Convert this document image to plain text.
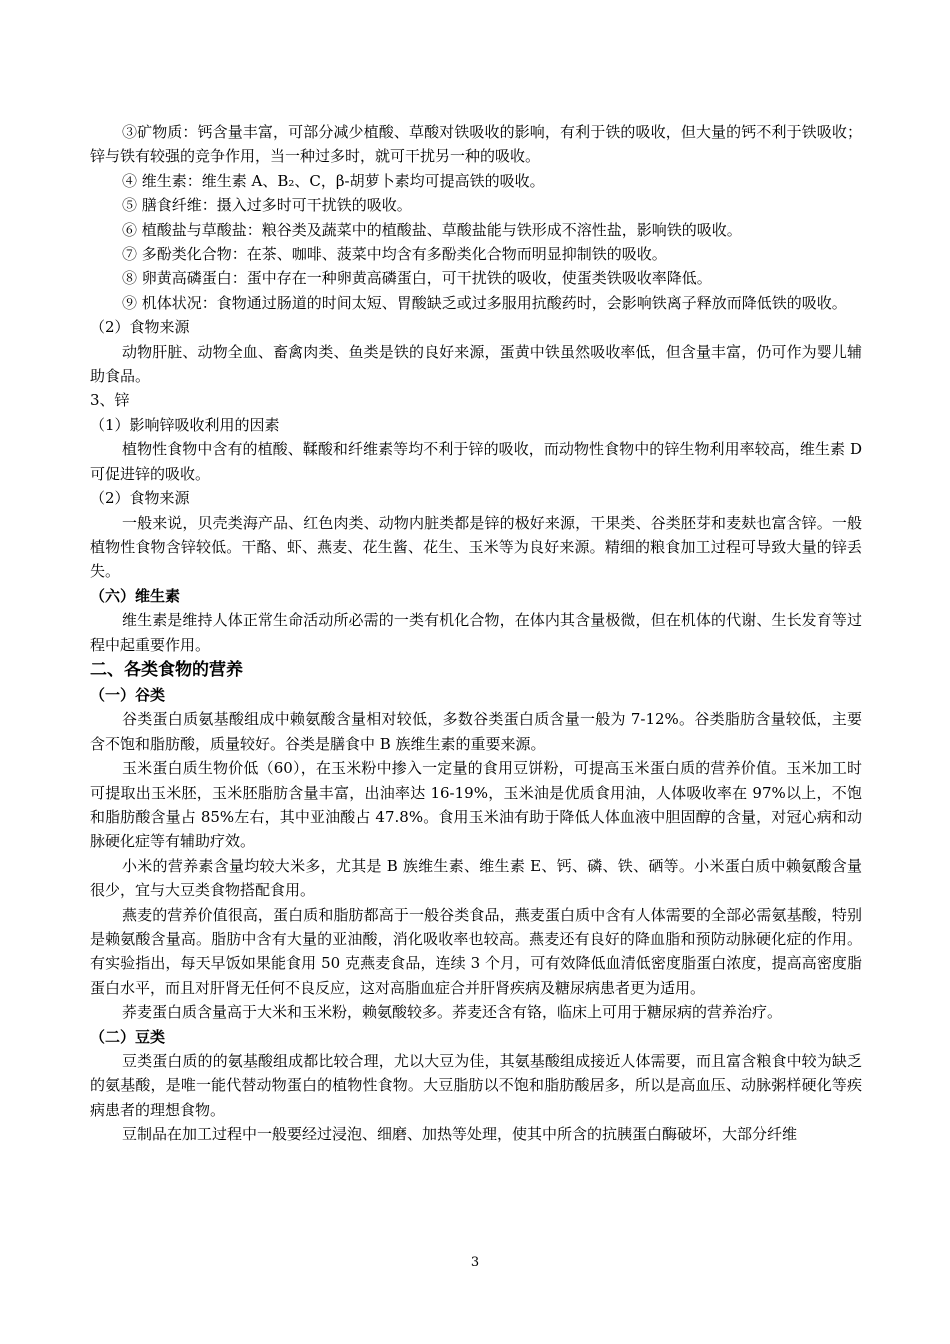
③矿物质：钙含量丰富，可部分减少植酸、草酸对铁吸收的影响，有利于铁的吸收，但大量的钙不利于铁吸收；锌与铁有较强的竞争作用，当一种过多时，就可干扰另一种的吸收。

④ 维生素：维生素 A、B₂、C，β-胡萝卜素均可提高铁的吸收。

⑤ 膳食纤维：摄入过多时可干扰铁的吸收。

⑥ 植酸盐与草酸盐：粮谷类及蔬菜中的植酸盐、草酸盐能与铁形成不溶性盐，影响铁的吸收。

⑦ 多酚类化合物：在茶、咖啡、菠菜中均含有多酚类化合物而明显抑制铁的吸收。

⑧ 卵黄高磷蛋白：蛋中存在一种卵黄高磷蛋白，可干扰铁的吸收，使蛋类铁吸收率降低。

⑨ 机体状况：食物通过肠道的时间太短、胃酸缺乏或过多服用抗酸药时，会影响铁离子释放而降低铁的吸收。

（2）食物来源

动物肝脏、动物全血、畜禽肉类、鱼类是铁的良好来源，蛋黄中铁虽然吸收率低，但含量丰富，仍可作为婴儿辅助食品。

3、锌

（1）影响锌吸收利用的因素

植物性食物中含有的植酸、鞣酸和纤维素等均不利于锌的吸收，而动物性食物中的锌生物利用率较高，维生素 D 可促进锌的吸收。

（2）食物来源

一般来说，贝壳类海产品、红色肉类、动物内脏类都是锌的极好来源，干果类、谷类胚芽和麦麸也富含锌。一般植物性食物含锌较低。干酪、虾、燕麦、花生酱、花生、玉米等为良好来源。精细的粮食加工过程可导致大量的锌丢失。

（六）维生素

维生素是维持人体正常生命活动所必需的一类有机化合物，在体内其含量极微，但在机体的代谢、生长发育等过程中起重要作用。

二、各类食物的营养

（一）谷类

谷类蛋白质氨基酸组成中赖氨酸含量相对较低，多数谷类蛋白质含量一般为 7-12%。谷类脂肪含量较低，主要含不饱和脂肪酸，质量较好。谷类是膳食中 B 族维生素的重要来源。

玉米蛋白质生物价低（60），在玉米粉中掺入一定量的食用豆饼粉，可提高玉米蛋白质的营养价值。玉米加工时可提取出玉米胚，玉米胚脂肪含量丰富，出油率达 16-19%，玉米油是优质食用油，人体吸收率在 97%以上，不饱和脂肪酸含量占 85%左右，其中亚油酸占 47.8%。食用玉米油有助于降低人体血液中胆固醇的含量，对冠心病和动脉硬化症等有辅助疗效。

小米的营养素含量均较大米多，尤其是 B 族维生素、维生素 E、钙、磷、铁、硒等。小米蛋白质中赖氨酸含量很少，宜与大豆类食物搭配食用。

燕麦的营养价值很高，蛋白质和脂肪都高于一般谷类食品，燕麦蛋白质中含有人体需要的全部必需氨基酸，特别是赖氨酸含量高。脂肪中含有大量的亚油酸，消化吸收率也较高。燕麦还有良好的降血脂和预防动脉硬化症的作用。有实验指出，每天早饭如果能食用 50 克燕麦食品，连续 3 个月，可有效降低血清低密度脂蛋白浓度，提高高密度脂蛋白水平，而且对肝肾无任何不良反应，这对高脂血症合并肝肾疾病及糖尿病患者更为适用。

荞麦蛋白质含量高于大米和玉米粉，赖氨酸较多。荞麦还含有铬，临床上可用于糖尿病的营养治疗。

（二）豆类

豆类蛋白质的的氨基酸组成都比较合理，尤以大豆为佳，其氨基酸组成接近人体需要，而且富含粮食中较为缺乏的氨基酸，是唯一能代替动物蛋白的植物性食物。大豆脂肪以不饱和脂肪酸居多，所以是高血压、动脉粥样硬化等疾病患者的理想食物。

豆制品在加工过程中一般要经过浸泡、细磨、加热等处理，使其中所含的抗胰蛋白酶破坏，大部分纤维

3
